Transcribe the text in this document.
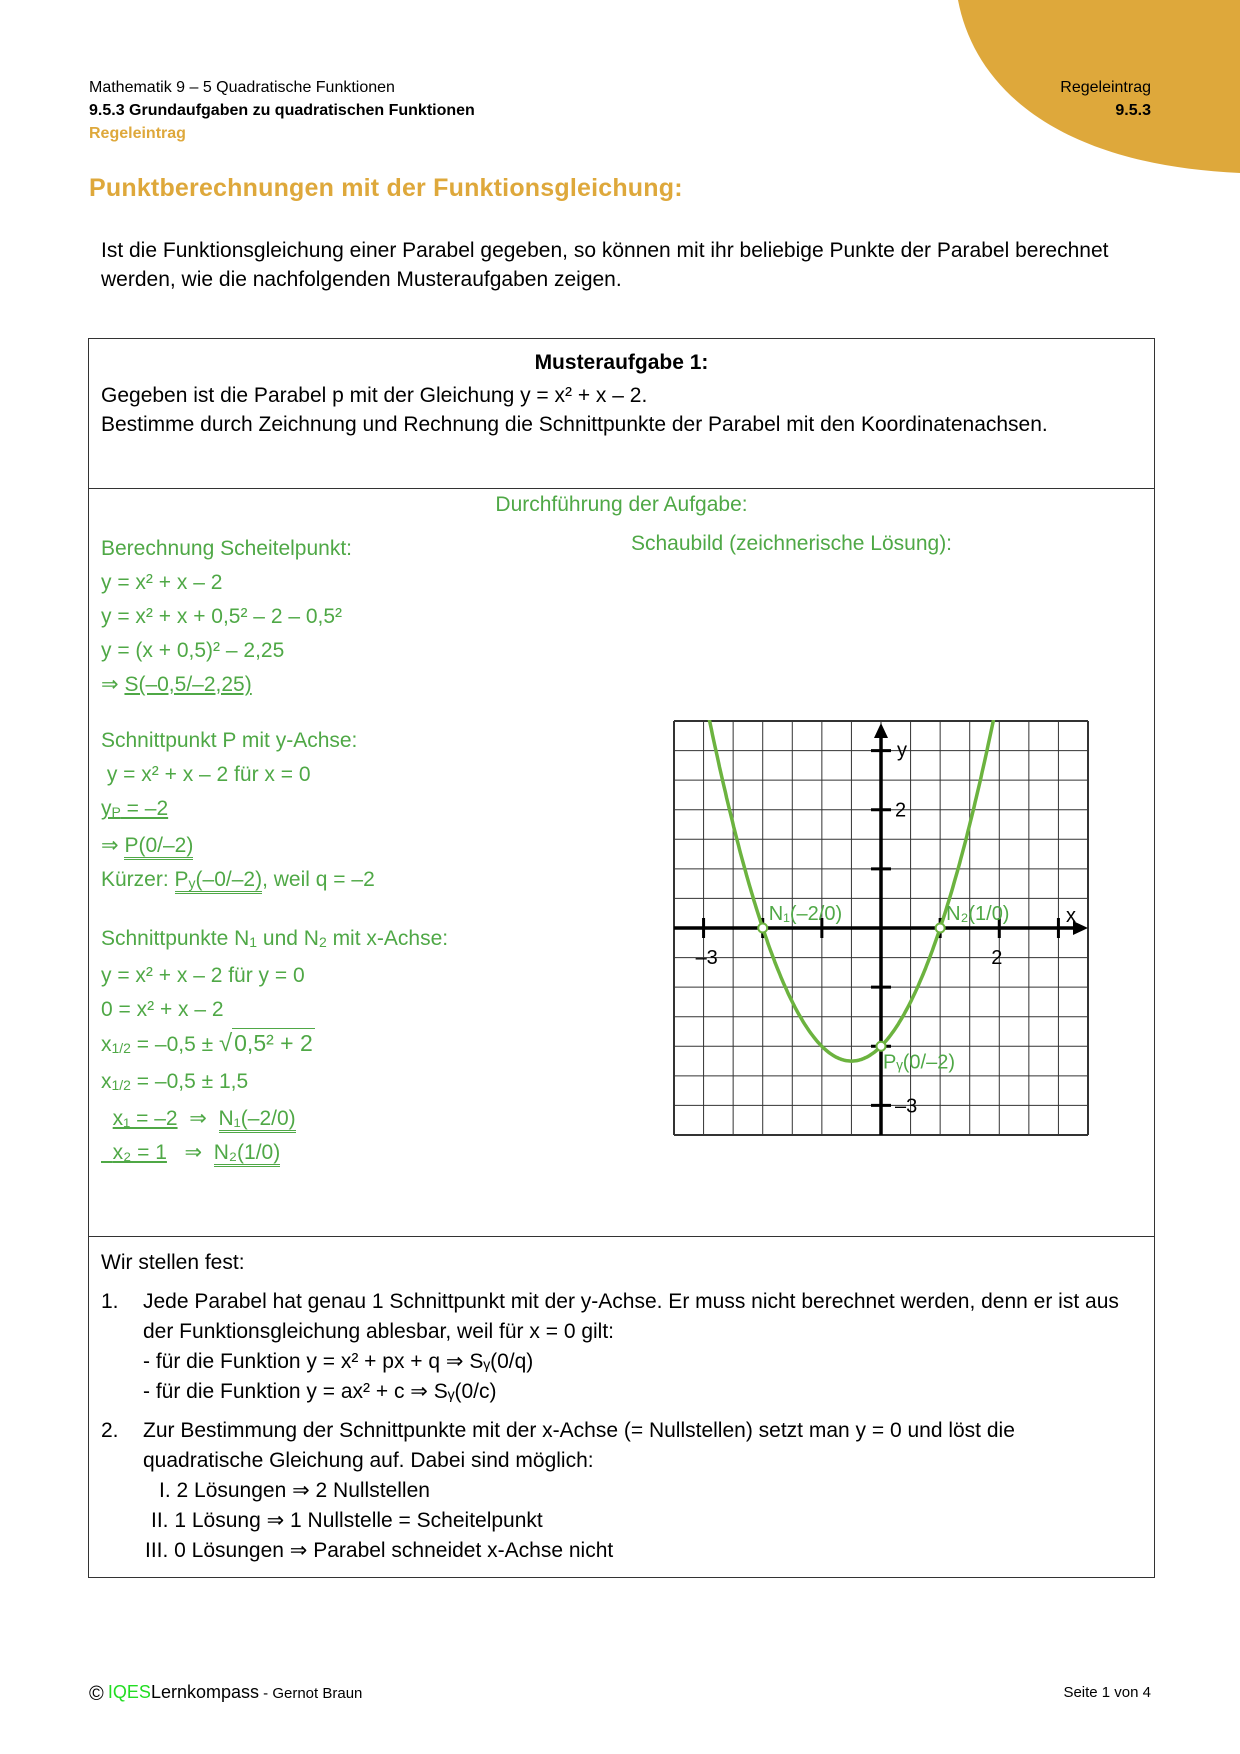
Mathematik 9 – 5 Quadratische Funktionen
9.5.3 Grundaufgaben zu quadratischen Funktionen
Regeleintrag
Regeleintrag
9.5.3
Punktberechnungen mit der Funktionsgleichung:
Ist die Funktionsgleichung einer Parabel gegeben, so können mit ihr beliebige Punkte der Parabel berechnet werden, wie die nachfolgenden Musteraufgaben zeigen.
Musteraufgabe 1:
Gegeben ist die Parabel p mit der Gleichung y = x² + x – 2.
Bestimme durch Zeichnung und Rechnung die Schnittpunkte der Parabel mit den Koordinatenachsen.
Durchführung der Aufgabe:
Berechnung Scheitelpunkt:
y = x² + x – 2
y = x² + x + 0,5² – 2 – 0,5²
y = (x + 0,5)² – 2,25
⇒ S(–0,5/–2,25)
Schnittpunkt P mit y-Achse:
y = x² + x – 2 für x = 0
$y_P = -2$
⇒ P(0/–2)
Kürzer: $P_y(-0/-2)$, weil q = –2
Schnittpunkte $N_1$ und $N_2$ mit x-Achse:
y = x² + x – 2 für y = 0
0 = x² + x – 2
$x_{1/2} = -0,5 \pm √0,5^2 + 2$
$x_{1/2} = -0,5 \pm 1,5$
x₁ = –2 ⇒ N₁(–2/0)
x₂ = 1 ⇒ N₂(1/0)
Schaubild (zeichnerische Lösung):
y
x
2
–3
–3	2
N₁(–2/0)	N₂(1/0)
Pᵧ(0/–2)
Wir stellen fest:
1.	Jede Parabel hat genau 1 Schnittpunkt mit der y-Achse. Er muss nicht berechnet werden, denn er ist aus der Funktionsgleichung ablesbar, weil für x = 0 gilt:
- für die Funktion y = x² + px + q ⇒ Sᵧ(0/q)
- für die Funktion y = ax² + c ⇒ Sᵧ(0/c)
2.	Zur Bestimmung der Schnittpunkte mit der x-Achse (= Nullstellen) setzt man y = 0 und löst die quadratische Gleichung auf. Dabei sind möglich:
I. 2 Lösungen ⇒ 2 Nullstellen
II. 1 Lösung ⇒ 1 Nullstelle = Scheitelpunkt
III. 0 Lösungen ⇒ Parabel schneidet x-Achse nicht
© IQESLernkompass - Gernot Braun	Seite 1 von 4
